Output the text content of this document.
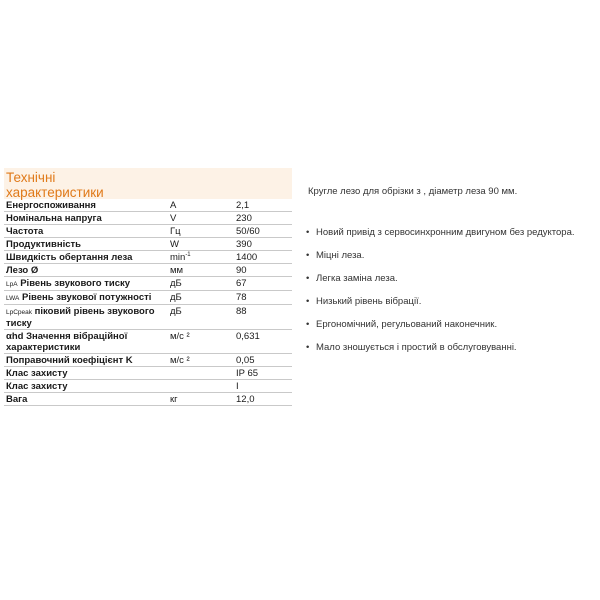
Технічні
характеристики
Енергоспоживання	A	2,1
Номінальна напруга	V	230
Частота	Гц	50/60
Продуктивність	W	390
Швидкість обертання леза	$\min^{-1}$	1400
Лезо Ø	мм	90
LpA Рівень звукового тиску	дБ	67
LWA Рівень звукової потужності	дБ	78
LpCpeak піковий рівень звукового тиску	дБ	88
αhd Значення вібраційної характеристики	м/с ²	0,631
Поправочний коефіцієнт K	м/с ²	0,05
Клас захисту		IP 65
Клас захисту		I
Вага	кг	12,0

Кругле лезо для обрізки з , діаметр леза 90 мм.

• Новий привід з сервосинхронним двигуном без редуктора.
• Міцні леза.
• Легка заміна леза.
• Низький рівень вібрації.
• Ергономічний, регульований наконечник.
• Мало зношується і простий в обслуговуванні.
